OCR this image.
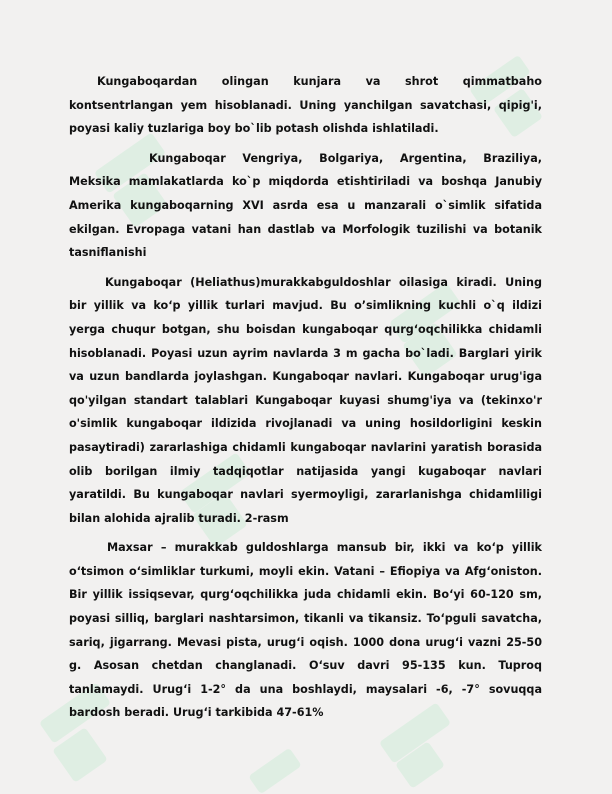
Kungaboqardan olingan kunjara va shrot qimmatbaho kontsentrlangan yem hisoblanadi. Uning yanchilgan savatchasi, qipig'i, poyasi kaliy tuzlariga boy bo`lib potash olishda ishlatiladi.

Kungaboqar Vengriya, Bolgariya, Argentina, Braziliya, Meksika mamlakatlarda ko`p miqdorda etishtiriladi va boshqa Janubiy Amerika kungaboqarning XVI asrda esa u manzarali o`simlik sifatida ekilgan. Evropaga vatani han dastlab va Morfologik tuzilishi va botanik tasniflanishi

Kungaboqar (Heliathus)murakkabguldoshlar oilasiga kiradi. Uning bir yillik va ko‘p yillik turlari mavjud. Bu o’simlikning kuchli o`q ildizi yerga chuqur botgan, shu boisdan kungaboqar qurg‘oqchilikka chidamli hisoblanadi. Poyasi uzun ayrim navlarda 3 m gacha bo`ladi. Barglari yirik va uzun bandlarda joylashgan. Kungaboqar navlari. Kungaboqar urug'iga qo'yilgan standart talablari Kungaboqar kuyasi shumg'iya va (tekinxo'r o'simlik kungaboqar ildizida rivojlanadi va uning hosildorligini keskin pasaytiradi) zararlashiga chidamli kungaboqar navlarini yaratish borasida olib borilgan ilmiy tadqiqotlar natijasida yangi kugaboqar navlari yaratildi. Bu kungaboqar navlari syermoyligi, zararlanishga chidamliligi bilan alohida ajralib turadi. 2-rasm

Maxsar – murakkab guldoshlarga mansub bir, ikki va koʻp yillik oʻtsimon oʻsimliklar turkumi, moyli ekin. Vatani – Efiopiya va Afgʻoniston. Bir yillik issiqsevar, qurgʻoqchilikka juda chidamli ekin. Boʻyi 60-120 sm, poyasi silliq, barglari nashtarsimon, tikanli va tikansiz. Toʻpguli savatcha, sariq, jigarrang. Mevasi pista, urugʻi oqish. 1000 dona urugʻi vazni 25-50 g. Asosan chetdan changlanadi. Oʻsuv davri 95-135 kun. Tuproq tanlamaydi. Urugʻi 1-2° da una boshlaydi, maysalari -6, -7° sovuqqa bardosh beradi. Urugʻi tarkibida 47-61%
